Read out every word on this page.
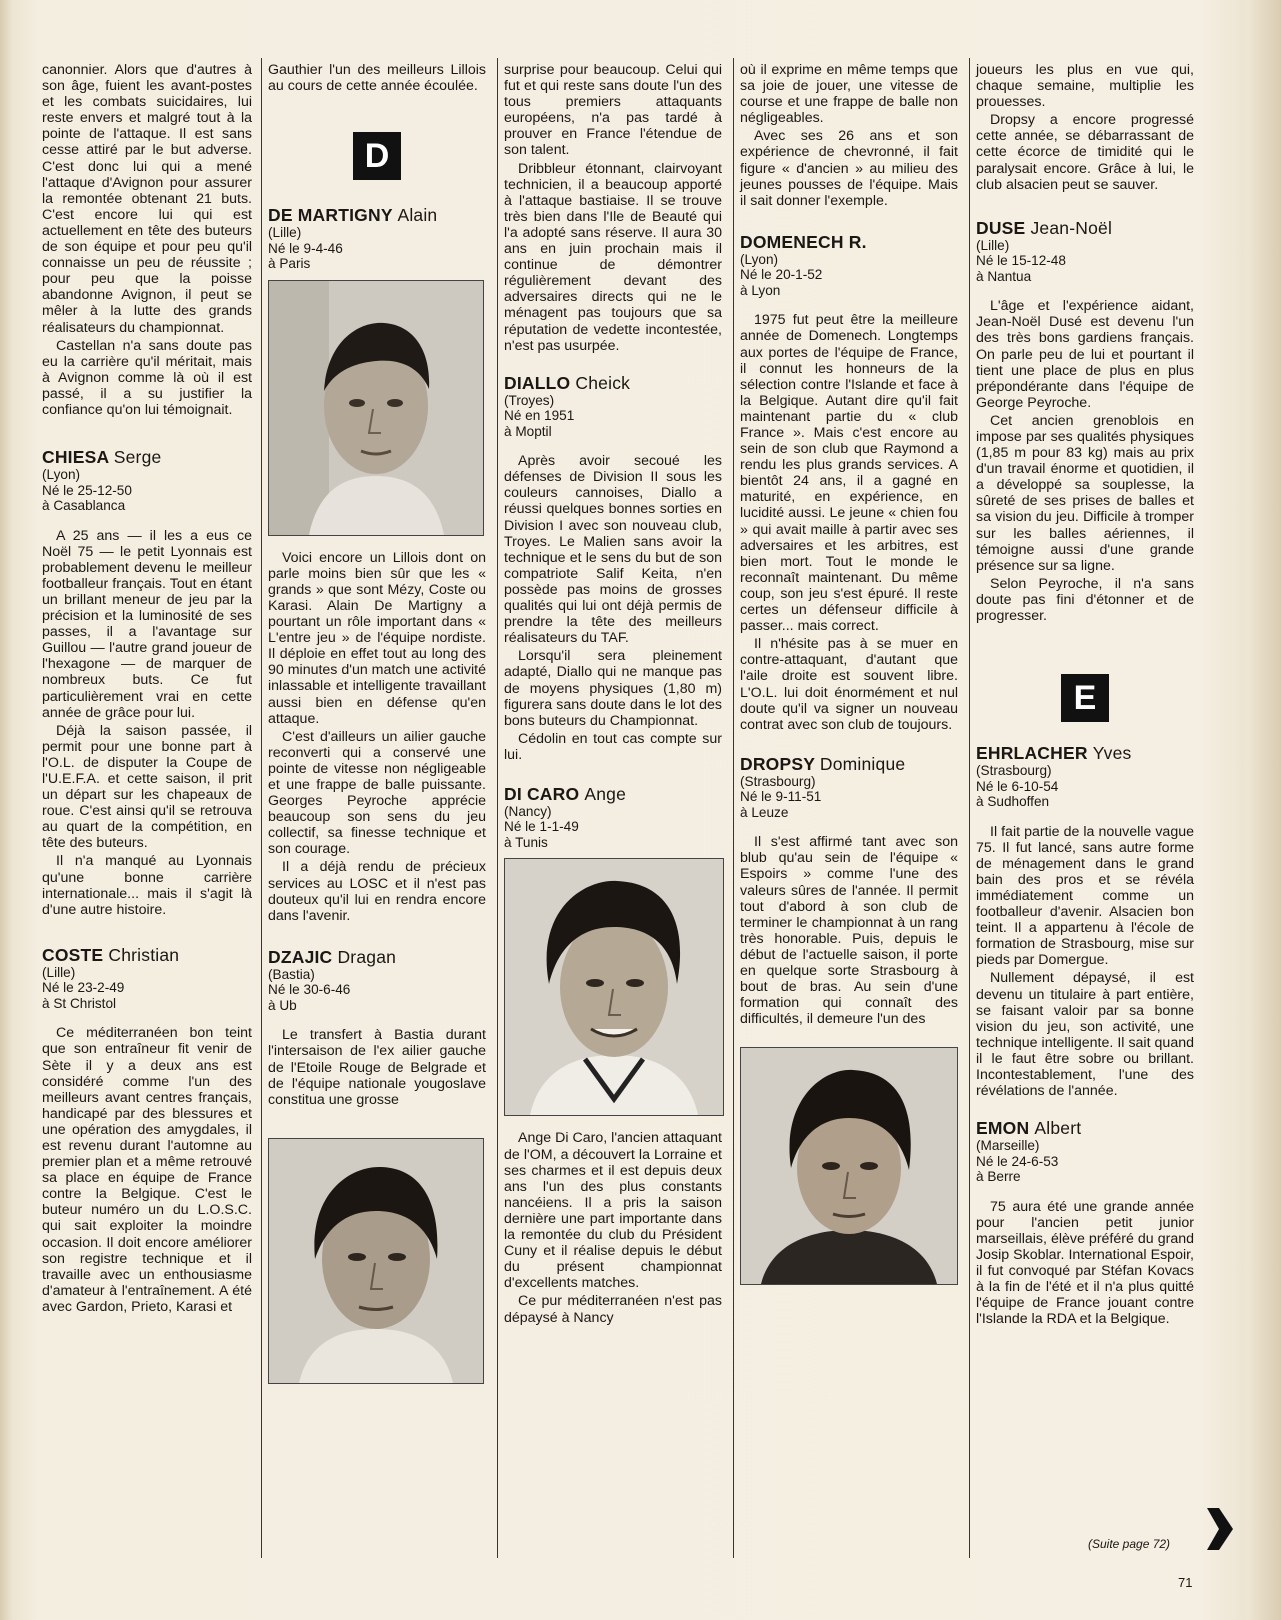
canonnier. Alors que d'autres à son âge, fuient les avant-postes et les combats suicidaires, lui reste envers et malgré tout à la pointe de l'attaque. Il est sans cesse attiré par le but adverse. C'est donc lui qui a mené l'attaque d'Avignon pour assurer la remontée obtenant 21 buts. C'est encore lui qui est actuellement en tête des buteurs de son équipe et pour peu qu'il connaisse un peu de réussite ; pour peu que la poisse abandonne Avignon, il peut se mêler à la lutte des grands réalisateurs du championnat.

Castellan n'a sans doute pas eu la carrière qu'il méritait, mais à Avignon comme là où il est passé, il a su justifier la confiance qu'on lui témoignait.

CHIESA Serge
(Lyon)
Né le 25-12-50
à Casablanca

A 25 ans — il les a eus ce Noël 75 — le petit Lyonnais est probablement devenu le meilleur footballeur français. Tout en étant un brillant meneur de jeu par la précision et la luminosité de ses passes, il a l'avantage sur Guillou — l'autre grand joueur de l'hexagone — de marquer de nombreux buts. Ce fut particulièrement vrai en cette année de grâce pour lui.

Déjà la saison passée, il permit pour une bonne part à l'O.L. de disputer la Coupe de l'U.E.F.A. et cette saison, il prit un départ sur les chapeaux de roue. C'est ainsi qu'il se retrouva au quart de la compétition, en tête des buteurs.

Il n'a manqué au Lyonnais qu'une bonne carrière internationale... mais il s'agit là d'une autre histoire.

COSTE Christian
(Lille)
Né le 23-2-49
à St Christol

Ce méditerranéen bon teint que son entraîneur fit venir de Sète il y a deux ans est considéré comme l'un des meilleurs avant centres français, handicapé par des blessures et une opération des amygdales, il est revenu durant l'automne au premier plan et a même retrouvé sa place en équipe de France contre la Belgique. C'est le buteur numéro un du L.O.S.C. qui sait exploiter la moindre occasion. Il doit encore améliorer son registre technique et il travaille avec un enthousiasme d'amateur à l'entraînement. A été avec Gardon, Prieto, Karasi et

Gauthier l'un des meilleurs Lillois au cours de cette année écoulée.

D
DE MARTIGNY Alain
(Lille)
Né le 9-4-46
à Paris

Voici encore un Lillois dont on parle moins bien sûr que les « grands » que sont Mézy, Coste ou Karasi. Alain De Martigny a pourtant un rôle important dans « L'entre jeu » de l'équipe nordiste. Il déploie en effet tout au long des 90 minutes d'un match une activité inlassable et intelligente travaillant aussi bien en défense qu'en attaque.

C'est d'ailleurs un ailier gauche reconverti qui a conservé une pointe de vitesse non négligeable et une frappe de balle puissante. Georges Peyroche apprécie beaucoup son sens du jeu collectif, sa finesse technique et son courage.

Il a déjà rendu de précieux services au LOSC et il n'est pas douteux qu'il lui en rendra encore dans l'avenir.

DZAJIC Dragan
(Bastia)
Né le 30-6-46
à Ub

Le transfert à Bastia durant l'intersaison de l'ex ailier gauche de l'Etoile Rouge de Belgrade et de l'équipe nationale yougoslave constitua une grosse

surprise pour beaucoup. Celui qui fut et qui reste sans doute l'un des tous premiers attaquants européens, n'a pas tardé à prouver en France l'étendue de son talent.

Dribbleur étonnant, clairvoyant technicien, il a beaucoup apporté à l'attaque bastiaise. Il se trouve très bien dans l'Ile de Beauté qui l'a adopté sans réserve. Il aura 30 ans en juin prochain mais il continue de démontrer régulièrement devant des adversaires directs qui ne le ménagent pas toujours que sa réputation de vedette incontestée, n'est pas usurpée.

DIALLO Cheick
(Troyes)
Né en 1951
à Moptil

Après avoir secoué les défenses de Division II sous les couleurs cannoises, Diallo a réussi quelques bonnes sorties en Division I avec son nouveau club, Troyes. Le Malien sans avoir la technique et le sens du but de son compatriote Salif Keita, n'en possède pas moins de grosses qualités qui lui ont déjà permis de prendre la tête des meilleurs réalisateurs du TAF.

Lorsqu'il sera pleinement adapté, Diallo qui ne manque pas de moyens physiques (1,80 m) figurera sans doute dans le lot des bons buteurs du Championnat.

Cédolin en tout cas compte sur lui.

DI CARO Ange
(Nancy)
Né le 1-1-49
à Tunis

Ange Di Caro, l'ancien attaquant de l'OM, a découvert la Lorraine et ses charmes et il est depuis deux ans l'un des plus constants nancéiens. Il a pris la saison dernière une part importante dans la remontée du club du Président Cuny et il réalise depuis le début du présent championnat d'excellents matches.

Ce pur méditerranéen n'est pas dépaysé à Nancy

où il exprime en même temps que sa joie de jouer, une vitesse de course et une frappe de balle non négligeables.

Avec ses 26 ans et son expérience de chevronné, il fait figure « d'ancien » au milieu des jeunes pousses de l'équipe. Mais il sait donner l'exemple.

DOMENECH R.
(Lyon)
Né le 20-1-52
à Lyon

1975 fut peut être la meilleure année de Domenech. Longtemps aux portes de l'équipe de France, il connut les honneurs de la sélection contre l'Islande et face à la Belgique. Autant dire qu'il fait maintenant partie du « club France ». Mais c'est encore au sein de son club que Raymond a rendu les plus grands services. A bientôt 24 ans, il a gagné en maturité, en expérience, en lucidité aussi. Le jeune « chien fou » qui avait maille à partir avec ses adversaires et les arbitres, est bien mort. Tout le monde le reconnaît maintenant. Du même coup, son jeu s'est épuré. Il reste certes un défenseur difficile à passer... mais correct.

Il n'hésite pas à se muer en contre-attaquant, d'autant que l'aile droite est souvent libre. L'O.L. lui doit énormément et nul doute qu'il va signer un nouveau contrat avec son club de toujours.

DROPSY Dominique
(Strasbourg)
Né le 9-11-51
à Leuze

Il s'est affirmé tant avec son blub qu'au sein de l'équipe « Espoirs » comme l'une des valeurs sûres de l'année. Il permit tout d'abord à son club de terminer le championnat à un rang très honorable. Puis, depuis le début de l'actuelle saison, il porte en quelque sorte Strasbourg à bout de bras. Au sein d'une formation qui connaît des difficultés, il demeure l'un des

joueurs les plus en vue qui, chaque semaine, multiplie les prouesses.

Dropsy a encore progressé cette année, se débarrassant de cette écorce de timidité qui le paralysait encore. Grâce à lui, le club alsacien peut se sauver.

DUSE Jean-Noël
(Lille)
Né le 15-12-48
à Nantua

L'âge et l'expérience aidant, Jean-Noël Dusé est devenu l'un des très bons gardiens français. On parle peu de lui et pourtant il tient une place de plus en plus prépondérante dans l'équipe de George Peyroche.

Cet ancien grenoblois en impose par ses qualités physiques (1,85 m pour 83 kg) mais au prix d'un travail énorme et quotidien, il a développé sa souplesse, la sûreté de ses prises de balles et sa vision du jeu. Difficile à tromper sur les balles aériennes, il témoigne aussi d'une grande présence sur sa ligne.

Selon Peyroche, il n'a sans doute pas fini d'étonner et de progresser.

E
EHRLACHER Yves
(Strasbourg)
Né le 6-10-54
à Sudhoffen

Il fait partie de la nouvelle vague 75. Il fut lancé, sans autre forme de ménagement dans le grand bain des pros et se révéla immédiatement comme un footballeur d'avenir. Alsacien bon teint. Il a appartenu à l'école de formation de Strasbourg, mise sur pieds par Domergue.

Nullement dépaysé, il est devenu un titulaire à part entière, se faisant valoir par sa bonne vision du jeu, son activité, une technique intelligente. Il sait quand il le faut être sobre ou brillant. Incontestablement, l'une des révélations de l'année.

EMON Albert
(Marseille)
Né le 24-6-53
à Berre

75 aura été une grande année pour l'ancien petit junior marseillais, élève préféré du grand Josip Skoblar. International Espoir, il fut convoqué par Stéfan Kovacs à la fin de l'été et il n'a plus quitté l'équipe de France jouant contre l'Islande la RDA et la Belgique.

(Suite page 72)
71
